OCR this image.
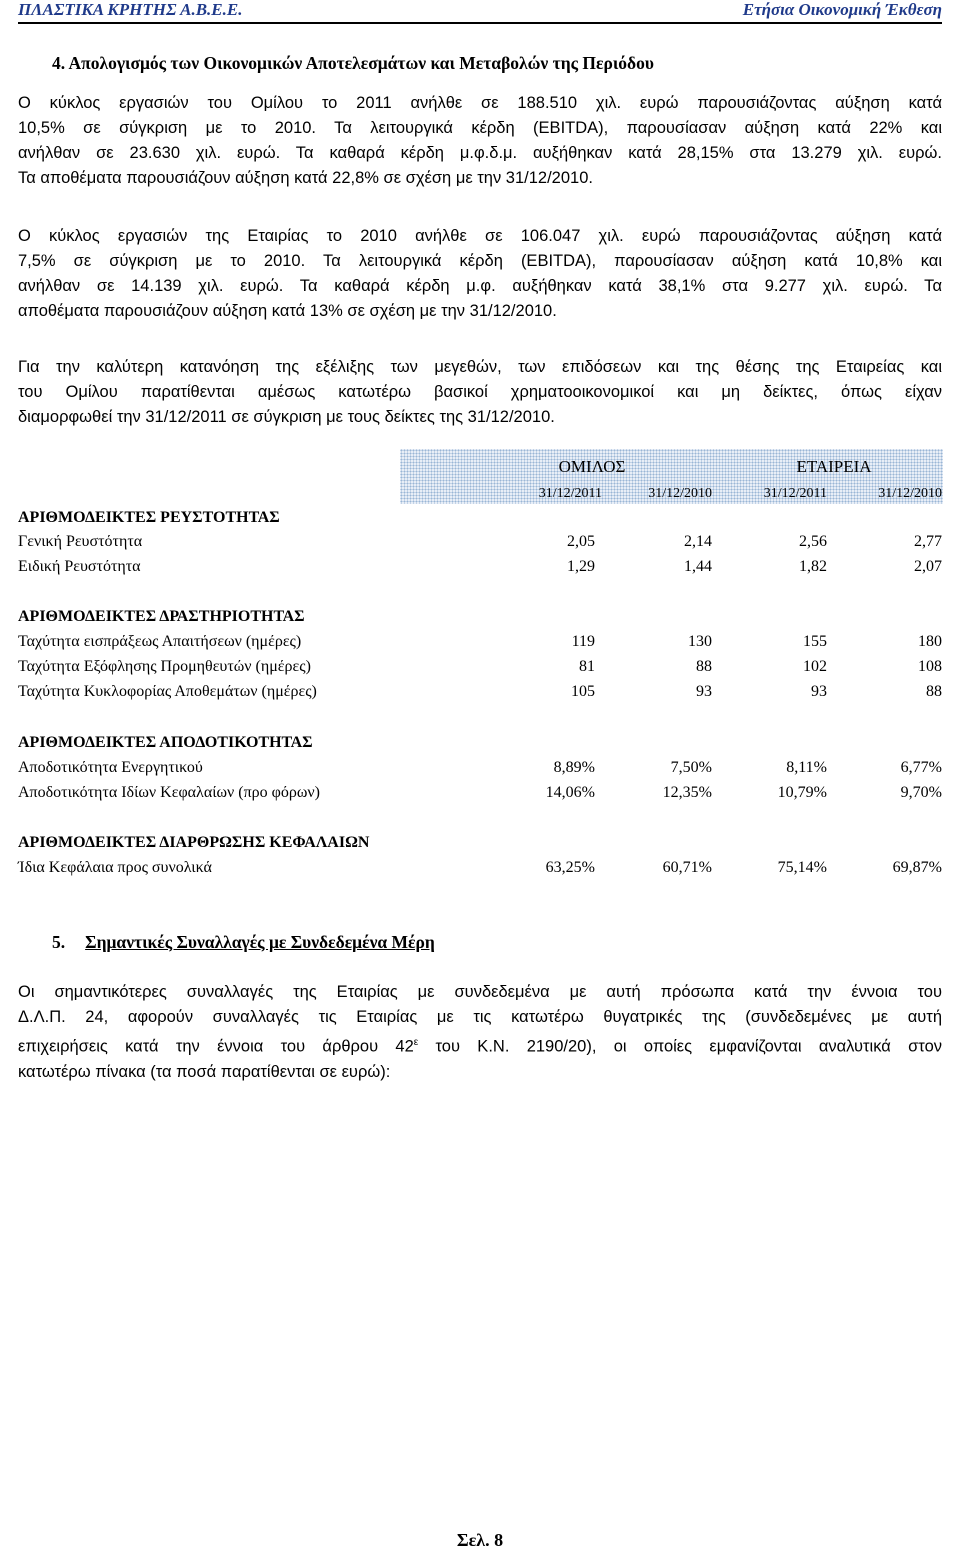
ΠΛΑΣΤΙΚΑ ΚΡΗΤΗΣ Α.Β.Ε.Ε.	Ετήσια Οικονομική Έκθεση
4. Απολογισμός των Οικονομικών Αποτελεσμάτων και Μεταβολών της Περιόδου
Ο κύκλος εργασιών του Ομίλου το 2011 ανήλθε σε 188.510 χιλ. ευρώ παρουσιάζοντας αύξηση κατά
10,5% σε σύγκριση με το 2010. Τα λειτουργικά κέρδη (EBITDA), παρουσίασαν αύξηση κατά 22% και
ανήλθαν σε 23.630 χιλ. ευρώ. Τα καθαρά κέρδη μ.φ.δ.μ. αυξήθηκαν κατά 28,15% στα 13.279 χιλ. ευρώ.
Τα αποθέματα παρουσιάζουν αύξηση κατά 22,8% σε σχέση με την 31/12/2010.
Ο κύκλος εργασιών της Εταιρίας το 2010 ανήλθε σε 106.047 χιλ. ευρώ παρουσιάζοντας αύξηση κατά
7,5% σε σύγκριση με το 2010. Τα λειτουργικά κέρδη (EBITDA), παρουσίασαν αύξηση κατά 10,8% και
ανήλθαν σε 14.139 χιλ. ευρώ. Τα καθαρά κέρδη μ.φ. αυξήθηκαν κατά 38,1% στα 9.277 χιλ. ευρώ. Τα
αποθέματα παρουσιάζουν αύξηση κατά 13% σε σχέση με την 31/12/2010.
Για την καλύτερη κατανόηση της εξέλιξης των μεγεθών, των επιδόσεων και της θέσης της Εταιρείας και
του Ομίλου παρατίθενται αμέσως κατωτέρω βασικοί χρηματοοικονομικοί και μη δείκτες, όπως είχαν
διαμορφωθεί την 31/12/2011 σε σύγκριση με τους δείκτες της 31/12/2010.
ΟΜΙΛΟΣ	ΕΤΑΙΡΕΙΑ
31/12/2011	31/12/2010	31/12/2011	31/12/2010
ΑΡΙΘΜΟΔΕΙΚΤΕΣ ΡΕΥΣΤΟΤΗΤΑΣ
Γενική Ρευστότητα	2,05	2,14	2,56	2,77
Ειδική Ρευστότητα	1,29	1,44	1,82	2,07
ΑΡΙΘΜΟΔΕΙΚΤΕΣ ΔΡΑΣΤΗΡΙΟΤΗΤΑΣ
Ταχύτητα εισπράξεως Απαιτήσεων (ημέρες)	119	130	155	180
Ταχύτητα Εξόφλησης Προμηθευτών (ημέρες)	81	88	102	108
Ταχύτητα Κυκλοφορίας Αποθεμάτων (ημέρες)	105	93	93	88
ΑΡΙΘΜΟΔΕΙΚΤΕΣ ΑΠΟΔΟΤΙΚΟΤΗΤΑΣ
Αποδοτικότητα Ενεργητικού	8,89%	7,50%	8,11%	6,77%
Αποδοτικότητα Ιδίων Κεφαλαίων (προ φόρων)	14,06%	12,35%	10,79%	9,70%
ΑΡΙΘΜΟΔΕΙΚΤΕΣ ΔΙΑΡΘΡΩΣΗΣ ΚΕΦΑΛΑΙΩΝ
Ίδια Κεφάλαια προς συνολικά	63,25%	60,71%	75,14%	69,87%
5. Σημαντικές Συναλλαγές με Συνδεδεμένα Μέρη
Οι σημαντικότερες συναλλαγές της Εταιρίας με συνδεδεμένα με αυτή πρόσωπα κατά την έννοια του
Δ.Λ.Π. 24, αφορούν συναλλαγές τις Εταιρίας με τις κατωτέρω θυγατρικές της (συνδεδεμένες με αυτή
επιχειρήσεις κατά την έννοια του άρθρου $42^\varepsilon$ του Κ.Ν. 2190/20), οι οποίες εμφανίζονται αναλυτικά στον
κατωτέρω πίνακα (τα ποσά παρατίθενται σε ευρώ):
Σελ. 8
